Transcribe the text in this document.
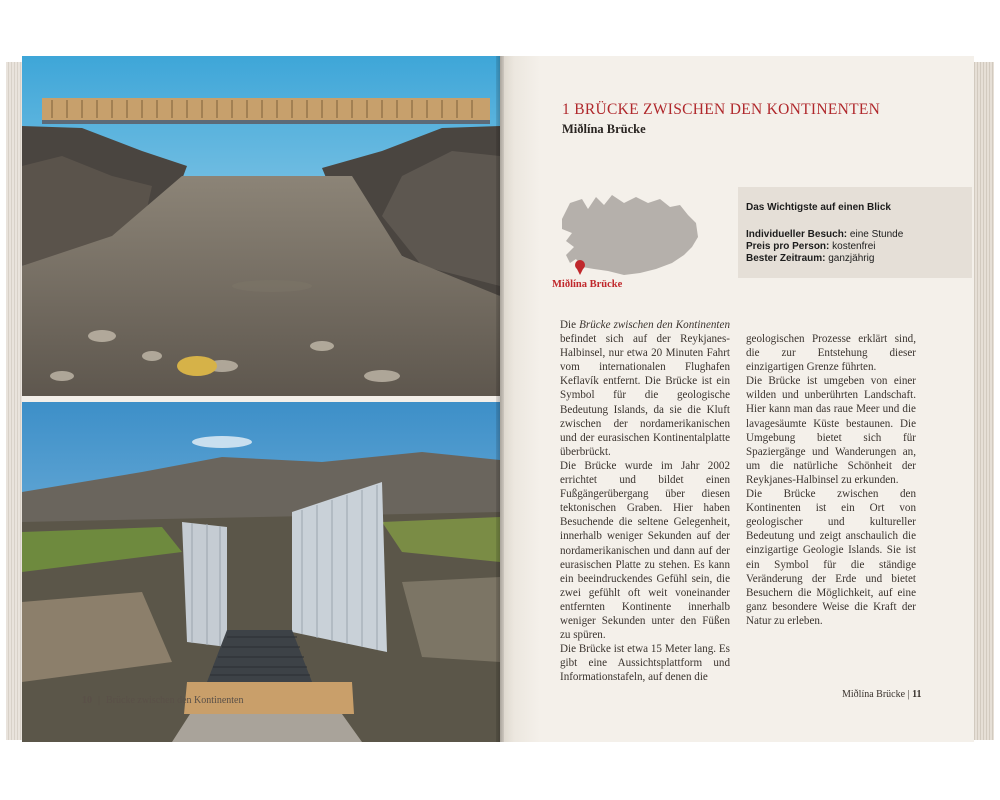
10 | Brücke zwischen den Kontinenten
1 BRÜCKE ZWISCHEN DEN KONTINENTEN
Miðlína Brücke
Miðlína Brücke
Das Wichtigste auf einen Blick
Individueller Besuch: eine Stunde
Preis pro Person: kostenfrei
Bester Zeitraum: ganzjährig

Die Brücke zwischen den Kontinenten befindet sich auf der Reykjanes-Halbinsel, nur etwa 20 Minuten Fahrt vom internationalen Flughafen Keflavík entfernt. Die Brücke ist ein Symbol für die geologische Bedeutung Islands, da sie die Kluft zwischen der nordamerikanischen und der eurasischen Kontinentalplatte überbrückt.

Die Brücke wurde im Jahr 2002 errichtet und bildet einen Fußgängerübergang über diesen tektonischen Graben. Hier haben Besuchende die seltene Gelegenheit, innerhalb weniger Sekunden auf der nordamerikanischen und dann auf der eurasischen Platte zu stehen. Es kann ein beeindruckendes Gefühl sein, die zwei gefühlt oft weit voneinander entfernten Kontinente innerhalb weniger Sekunden unter den Füßen zu spüren.

Die Brücke ist etwa 15 Meter lang. Es gibt eine Aussichtsplattform und Informationstafeln, auf denen die

geologischen Prozesse erklärt sind, die zur Entstehung dieser einzigartigen Grenze führten.

Die Brücke ist umgeben von einer wilden und unberührten Landschaft. Hier kann man das raue Meer und die lavagesäumte Küste bestaunen. Die Umgebung bietet sich für Spaziergänge und Wanderungen an, um die natürliche Schönheit der Reykjanes-Halbinsel zu erkunden.

Die Brücke zwischen den Kontinenten ist ein Ort von geologischer und kultureller Bedeutung und zeigt anschaulich die einzigartige Geologie Islands. Sie ist ein Symbol für die ständige Veränderung der Erde und bietet Besuchern die Möglichkeit, auf eine ganz besondere Weise die Kraft der Natur zu erleben.

Miðlína Brücke | 11
